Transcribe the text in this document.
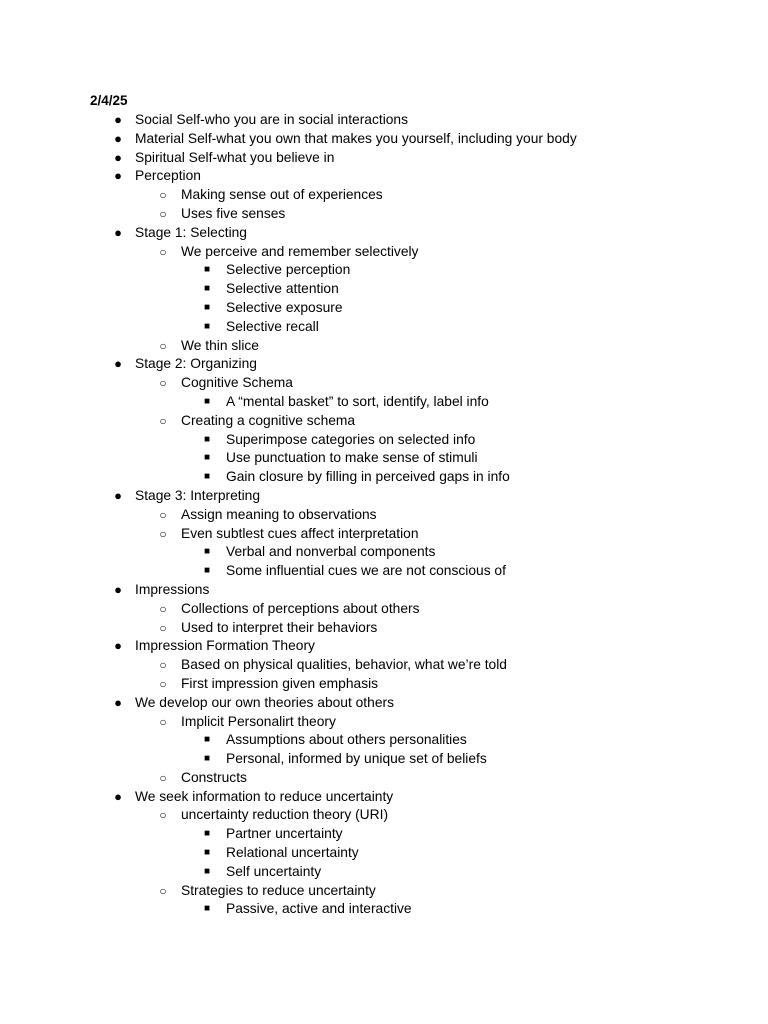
2/4/25
● Social Self-who you are in social interactions
● Material Self-what you own that makes you yourself, including your body
● Spiritual Self-what you believe in
● Perception
○ Making sense out of experiences
○ Uses five senses
● Stage 1: Selecting
○ We perceive and remember selectively
■ Selective perception
■ Selective attention
■ Selective exposure
■ Selective recall
○ We thin slice
● Stage 2: Organizing
○ Cognitive Schema
■ A “mental basket” to sort, identify, label info
○ Creating a cognitive schema
■ Superimpose categories on selected info
■ Use punctuation to make sense of stimuli
■ Gain closure by filling in perceived gaps in info
● Stage 3: Interpreting
○ Assign meaning to observations
○ Even subtlest cues affect interpretation
■ Verbal and nonverbal components
■ Some influential cues we are not conscious of
● Impressions
○ Collections of perceptions about others
○ Used to interpret their behaviors
● Impression Formation Theory
○ Based on physical qualities, behavior, what we’re told
○ First impression given emphasis
● We develop our own theories about others
○ Implicit Personalirt theory
■ Assumptions about others personalities
■ Personal, informed by unique set of beliefs
○ Constructs
● We seek information to reduce uncertainty
○ uncertainty reduction theory (URI)
■ Partner uncertainty
■ Relational uncertainty
■ Self uncertainty
○ Strategies to reduce uncertainty
■ Passive, active and interactive
